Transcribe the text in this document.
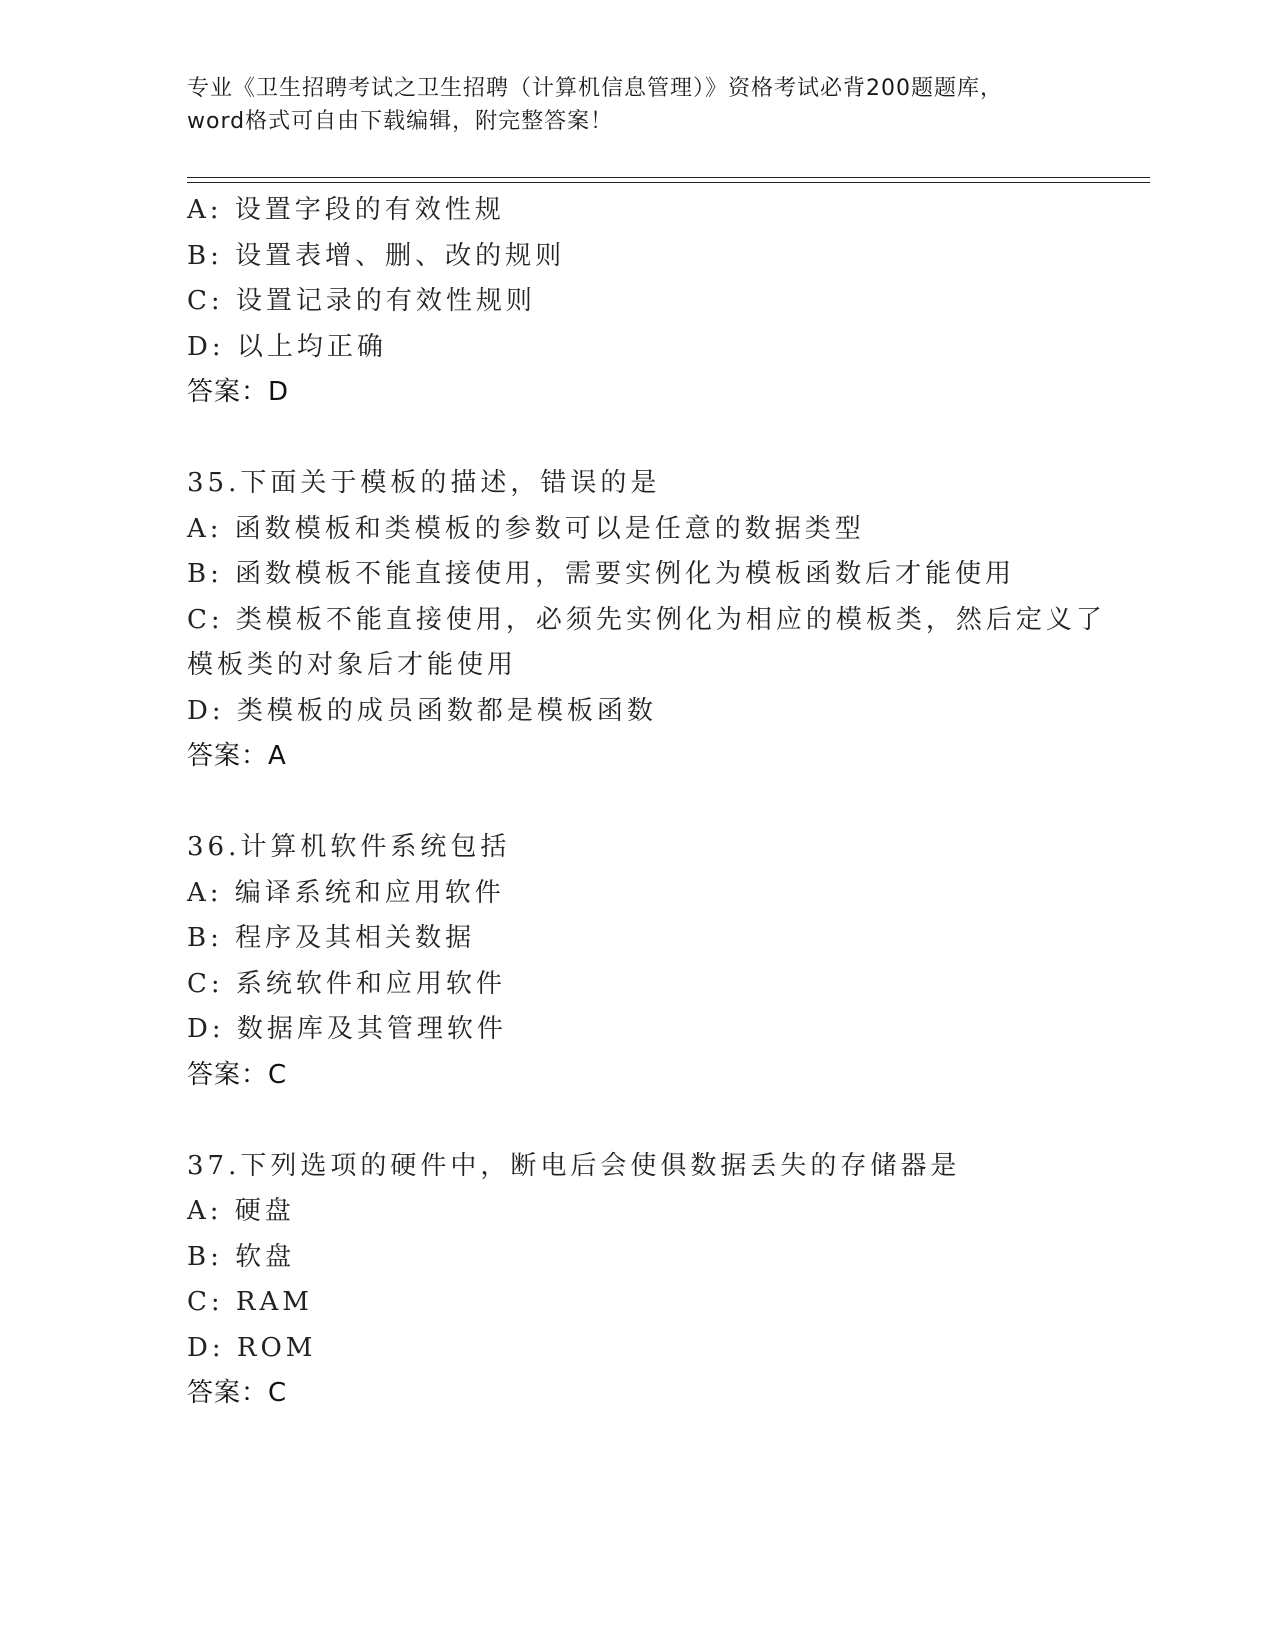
专业《卫生招聘考试之卫生招聘（计算机信息管理）》资格考试必背200题题库，
word格式可自由下载编辑，附完整答案！
A: 设置字段的有效性规
B: 设置表增、删、改的规则
C: 设置记录的有效性规则
D: 以上均正确
答案：D
35.下面关于模板的描述，错误的是
A: 函数模板和类模板的参数可以是任意的数据类型
B: 函数模板不能直接使用，需要实例化为模板函数后才能使用
C: 类模板不能直接使用，必须先实例化为相应的模板类，然后定义了
模板类的对象后才能使用
D: 类模板的成员函数都是模板函数
答案：A
36.计算机软件系统包括
A: 编译系统和应用软件
B: 程序及其相关数据
C: 系统软件和应用软件
D: 数据库及其管理软件
答案：C
37.下列选项的硬件中，断电后会使俱数据丢失的存储器是
A: 硬盘
B: 软盘
C: RAM
D: ROM
答案：C
